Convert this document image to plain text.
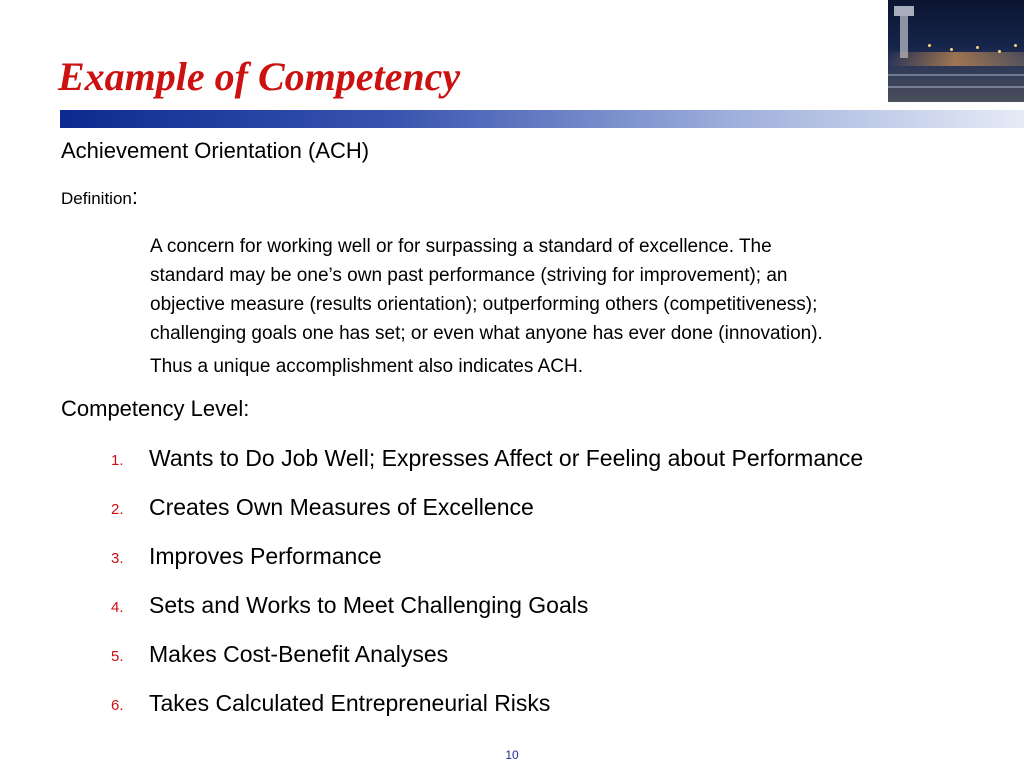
Example of Competency
Achievement Orientation (ACH)
Definition:

A concern for working well or for surpassing a standard of excellence. The
standard may be one’s own past performance (striving for improvement); an
objective measure (results orientation); outperforming others (competitiveness);
challenging goals one has set; or even what anyone has ever done (innovation).
Thus a unique accomplishment also indicates ACH.

Competency Level:
1. Wants to Do Job Well; Expresses Affect or Feeling about Performance
2. Creates Own Measures of Excellence
3. Improves Performance
4. Sets and Works to Meet Challenging Goals
5. Makes Cost-Benefit Analyses
6. Takes Calculated Entrepreneurial Risks
10
